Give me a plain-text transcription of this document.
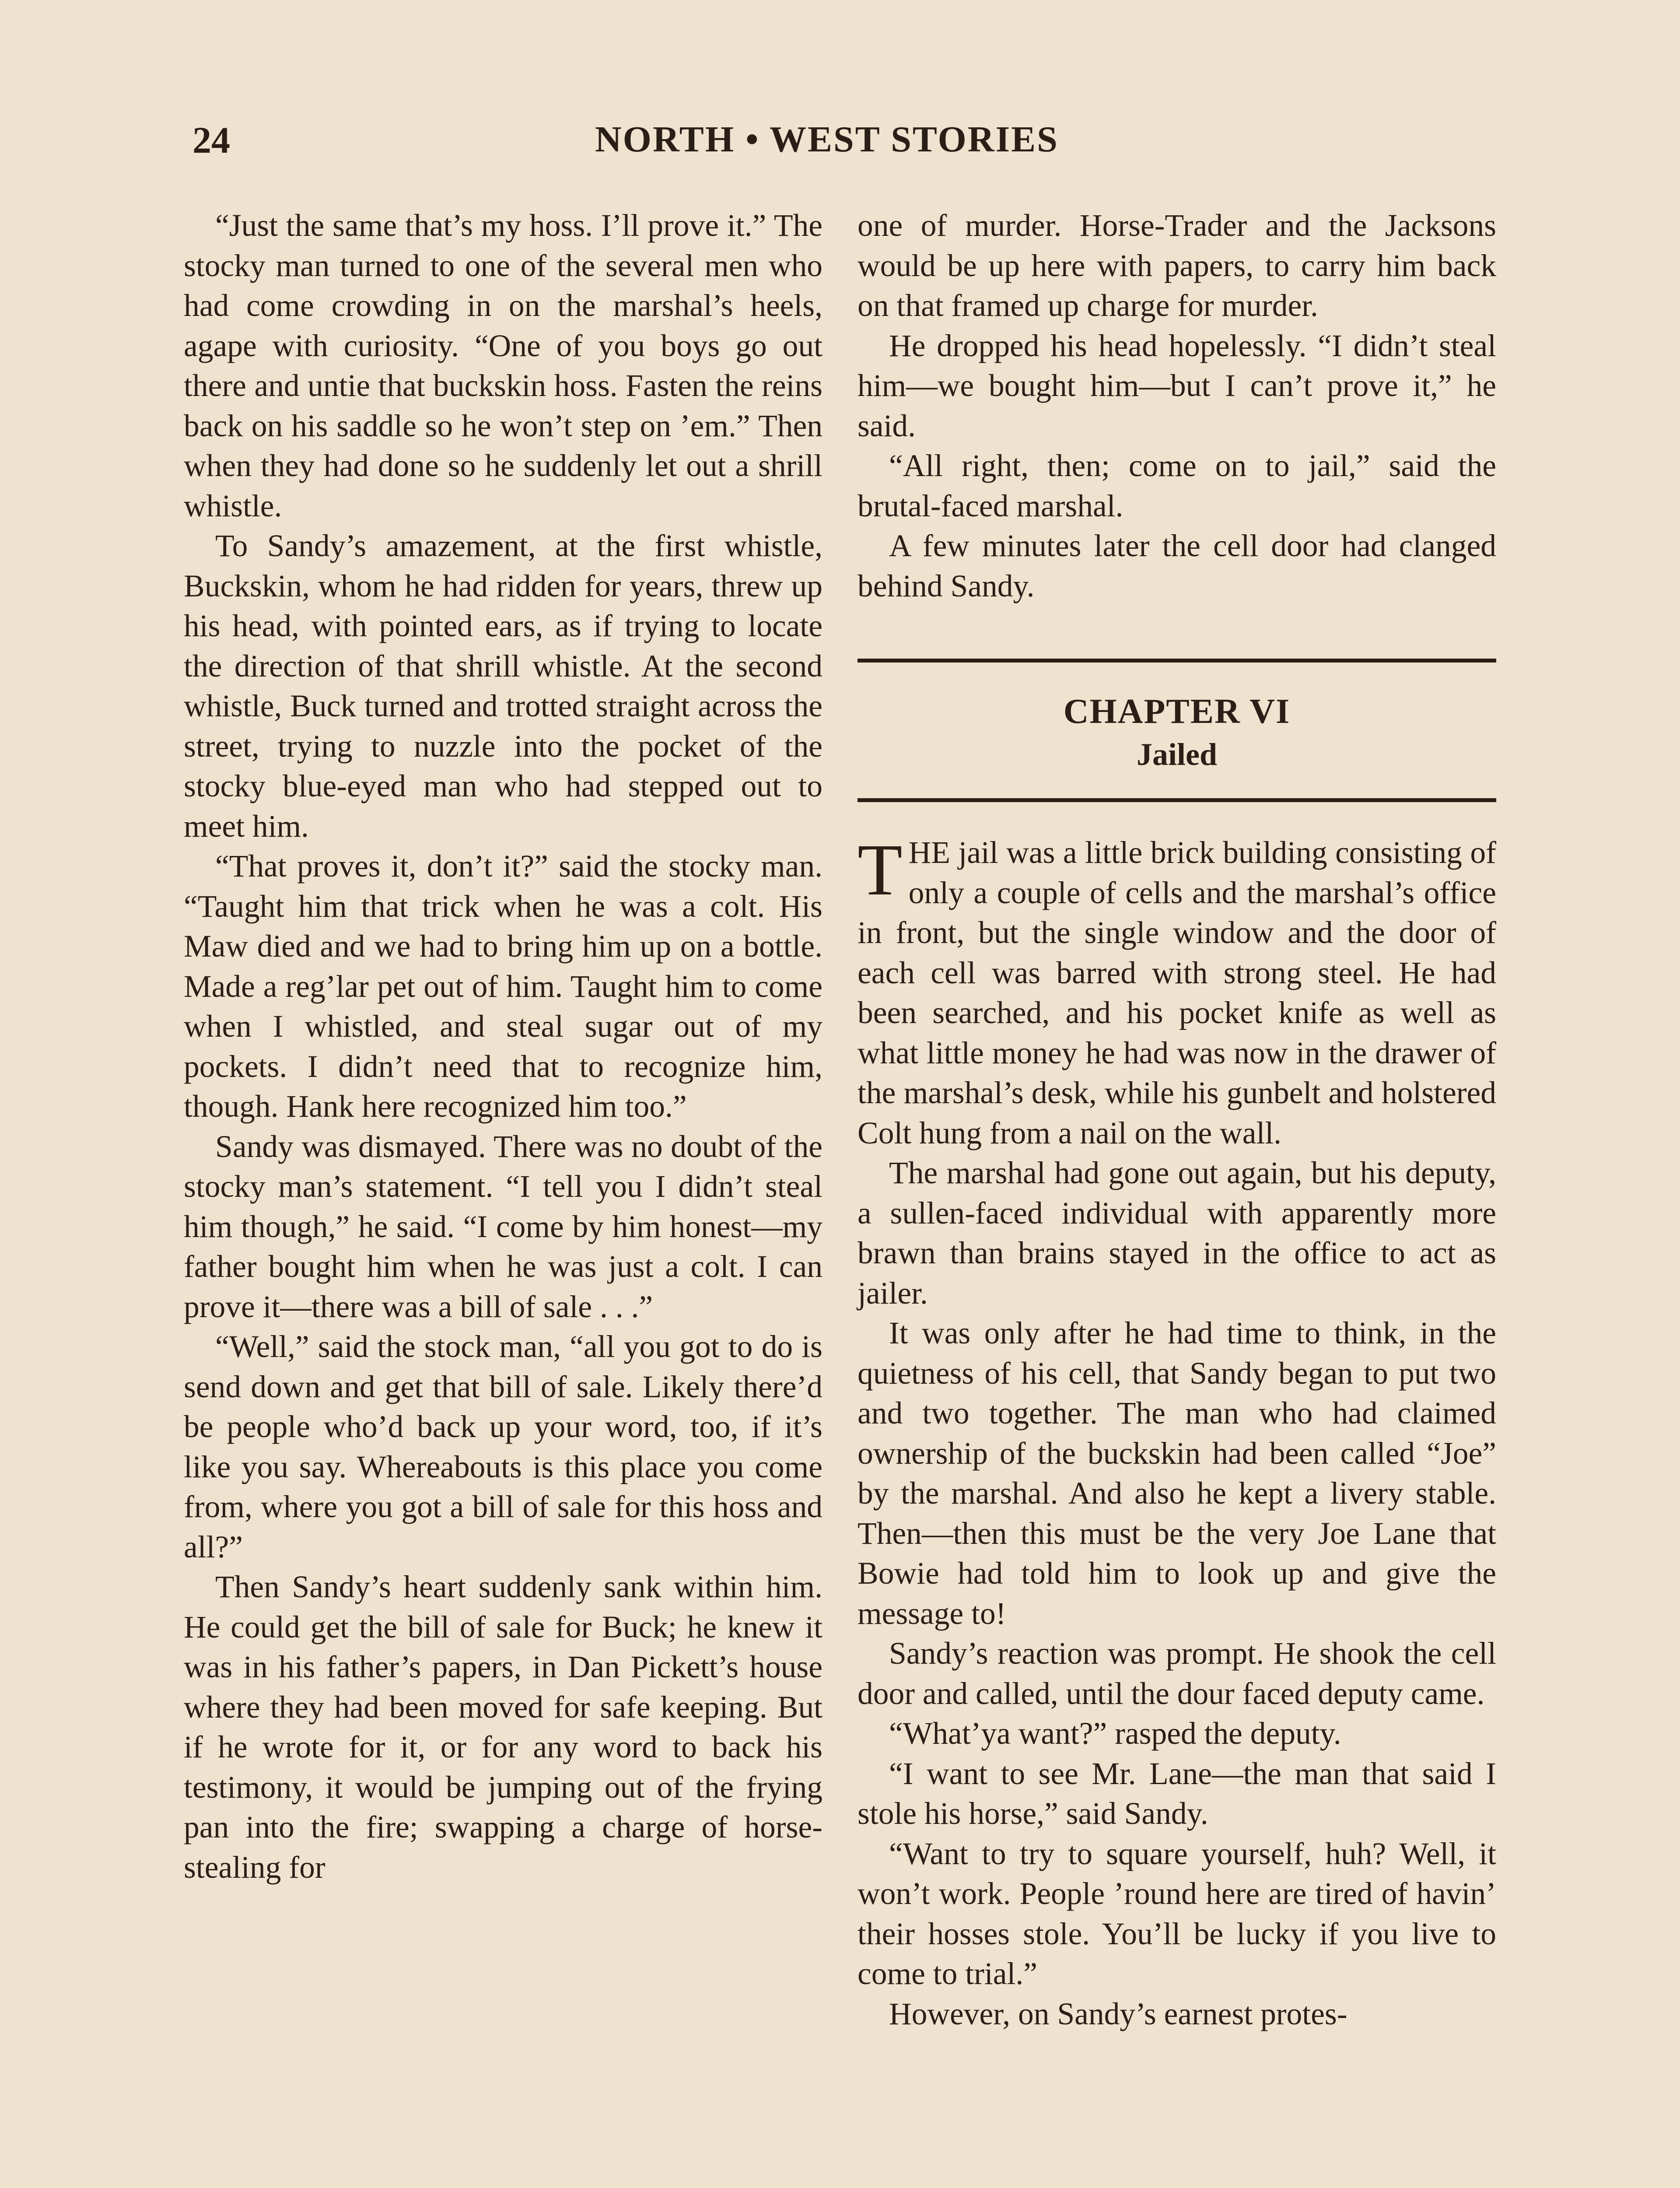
24	NORTH • WEST STORIES

“Just the same that’s my hoss. I’ll prove it.” The stocky man turned to one of the several men who had come crowding in on the marshal’s heels, agape with curiosity. “One of you boys go out there and untie that buckskin hoss. Fasten the reins back on his saddle so he won’t step on ’em.” Then when they had done so he suddenly let out a shrill whistle.

To Sandy’s amazement, at the first whistle, Buckskin, whom he had ridden for years, threw up his head, with pointed ears, as if trying to locate the direction of that shrill whistle. At the second whistle, Buck turned and trotted straight across the street, trying to nuzzle into the pocket of the stocky blue-eyed man who had stepped out to meet him.

“That proves it, don’t it?” said the stocky man. “Taught him that trick when he was a colt. His Maw died and we had to bring him up on a bottle. Made a reg’lar pet out of him. Taught him to come when I whistled, and steal sugar out of my pockets. I didn’t need that to recognize him, though. Hank here recognized him too.”

Sandy was dismayed. There was no doubt of the stocky man’s statement. “I tell you I didn’t steal him though,” he said. “I come by him honest—my father bought him when he was just a colt. I can prove it—there was a bill of sale . . .”

“Well,” said the stock man, “all you got to do is send down and get that bill of sale. Likely there’d be people who’d back up your word, too, if it’s like you say. Whereabouts is this place you come from, where you got a bill of sale for this hoss and all?”

Then Sandy’s heart suddenly sank within him. He could get the bill of sale for Buck; he knew it was in his father’s papers, in Dan Pickett’s house where they had been moved for safe keeping. But if he wrote for it, or for any word to back his testimony, it would be jumping out of the frying pan into the fire; swapping a charge of horse-stealing for

one of murder. Horse-Trader and the Jacksons would be up here with papers, to carry him back on that framed up charge for murder.

He dropped his head hopelessly. “I didn’t steal him—we bought him—but I can’t prove it,” he said.

“All right, then; come on to jail,” said the brutal-faced marshal.

A few minutes later the cell door had clanged behind Sandy.

CHAPTER VI
Jailed

THE jail was a little brick building consisting of only a couple of cells and the marshal’s office in front, but the single window and the door of each cell was barred with strong steel. He had been searched, and his pocket knife as well as what little money he had was now in the drawer of the marshal’s desk, while his gunbelt and holstered Colt hung from a nail on the wall.

The marshal had gone out again, but his deputy, a sullen-faced individual with apparently more brawn than brains stayed in the office to act as jailer.

It was only after he had time to think, in the quietness of his cell, that Sandy began to put two and two together. The man who had claimed ownership of the buckskin had been called “Joe” by the marshal. And also he kept a livery stable. Then—then this must be the very Joe Lane that Bowie had told him to look up and give the message to!

Sandy’s reaction was prompt. He shook the cell door and called, until the dour faced deputy came.

“What’ya want?” rasped the deputy.

“I want to see Mr. Lane—the man that said I stole his horse,” said Sandy.

“Want to try to square yourself, huh? Well, it won’t work. People ’round here are tired of havin’ their hosses stole. You’ll be lucky if you live to come to trial.”

However, on Sandy’s earnest protes-
